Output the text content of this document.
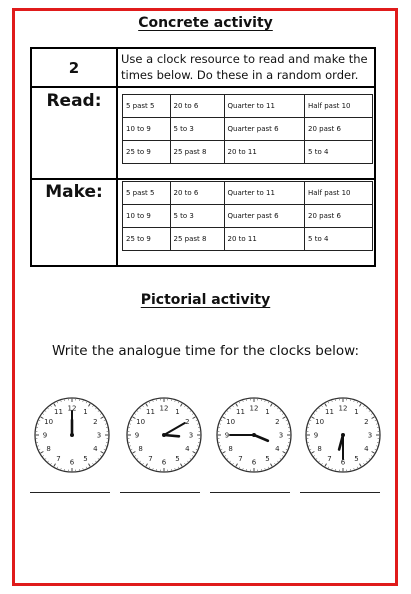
Concrete activity
2	Use a clock resource to read and make the times below. Do these in a random order.
Read:	5 past 5	20 to 6	Quarter to 11	Half past 10
10 to 9	5 to 3	Quarter past 6	20 past 6
25 to 9	25 past 8	20 to 11	5 to 4
Make:	5 past 5	20 to 6	Quarter to 11	Half past 10
10 to 9	5 to 3	Quarter past 6	20 past 6
25 to 9	25 past 8	20 to 11	5 to 4
Pictorial activity
Write the analogue time for the clocks below:
12 1
2
3
4
5
6
7
8
9
10
11	12 1
2
3
4
5
6
7
8
9
10
11	12 1
2
3
4
5
6
7
8
9
10
11	12 1
2
3
4
5
6
7
8
9
10
11
